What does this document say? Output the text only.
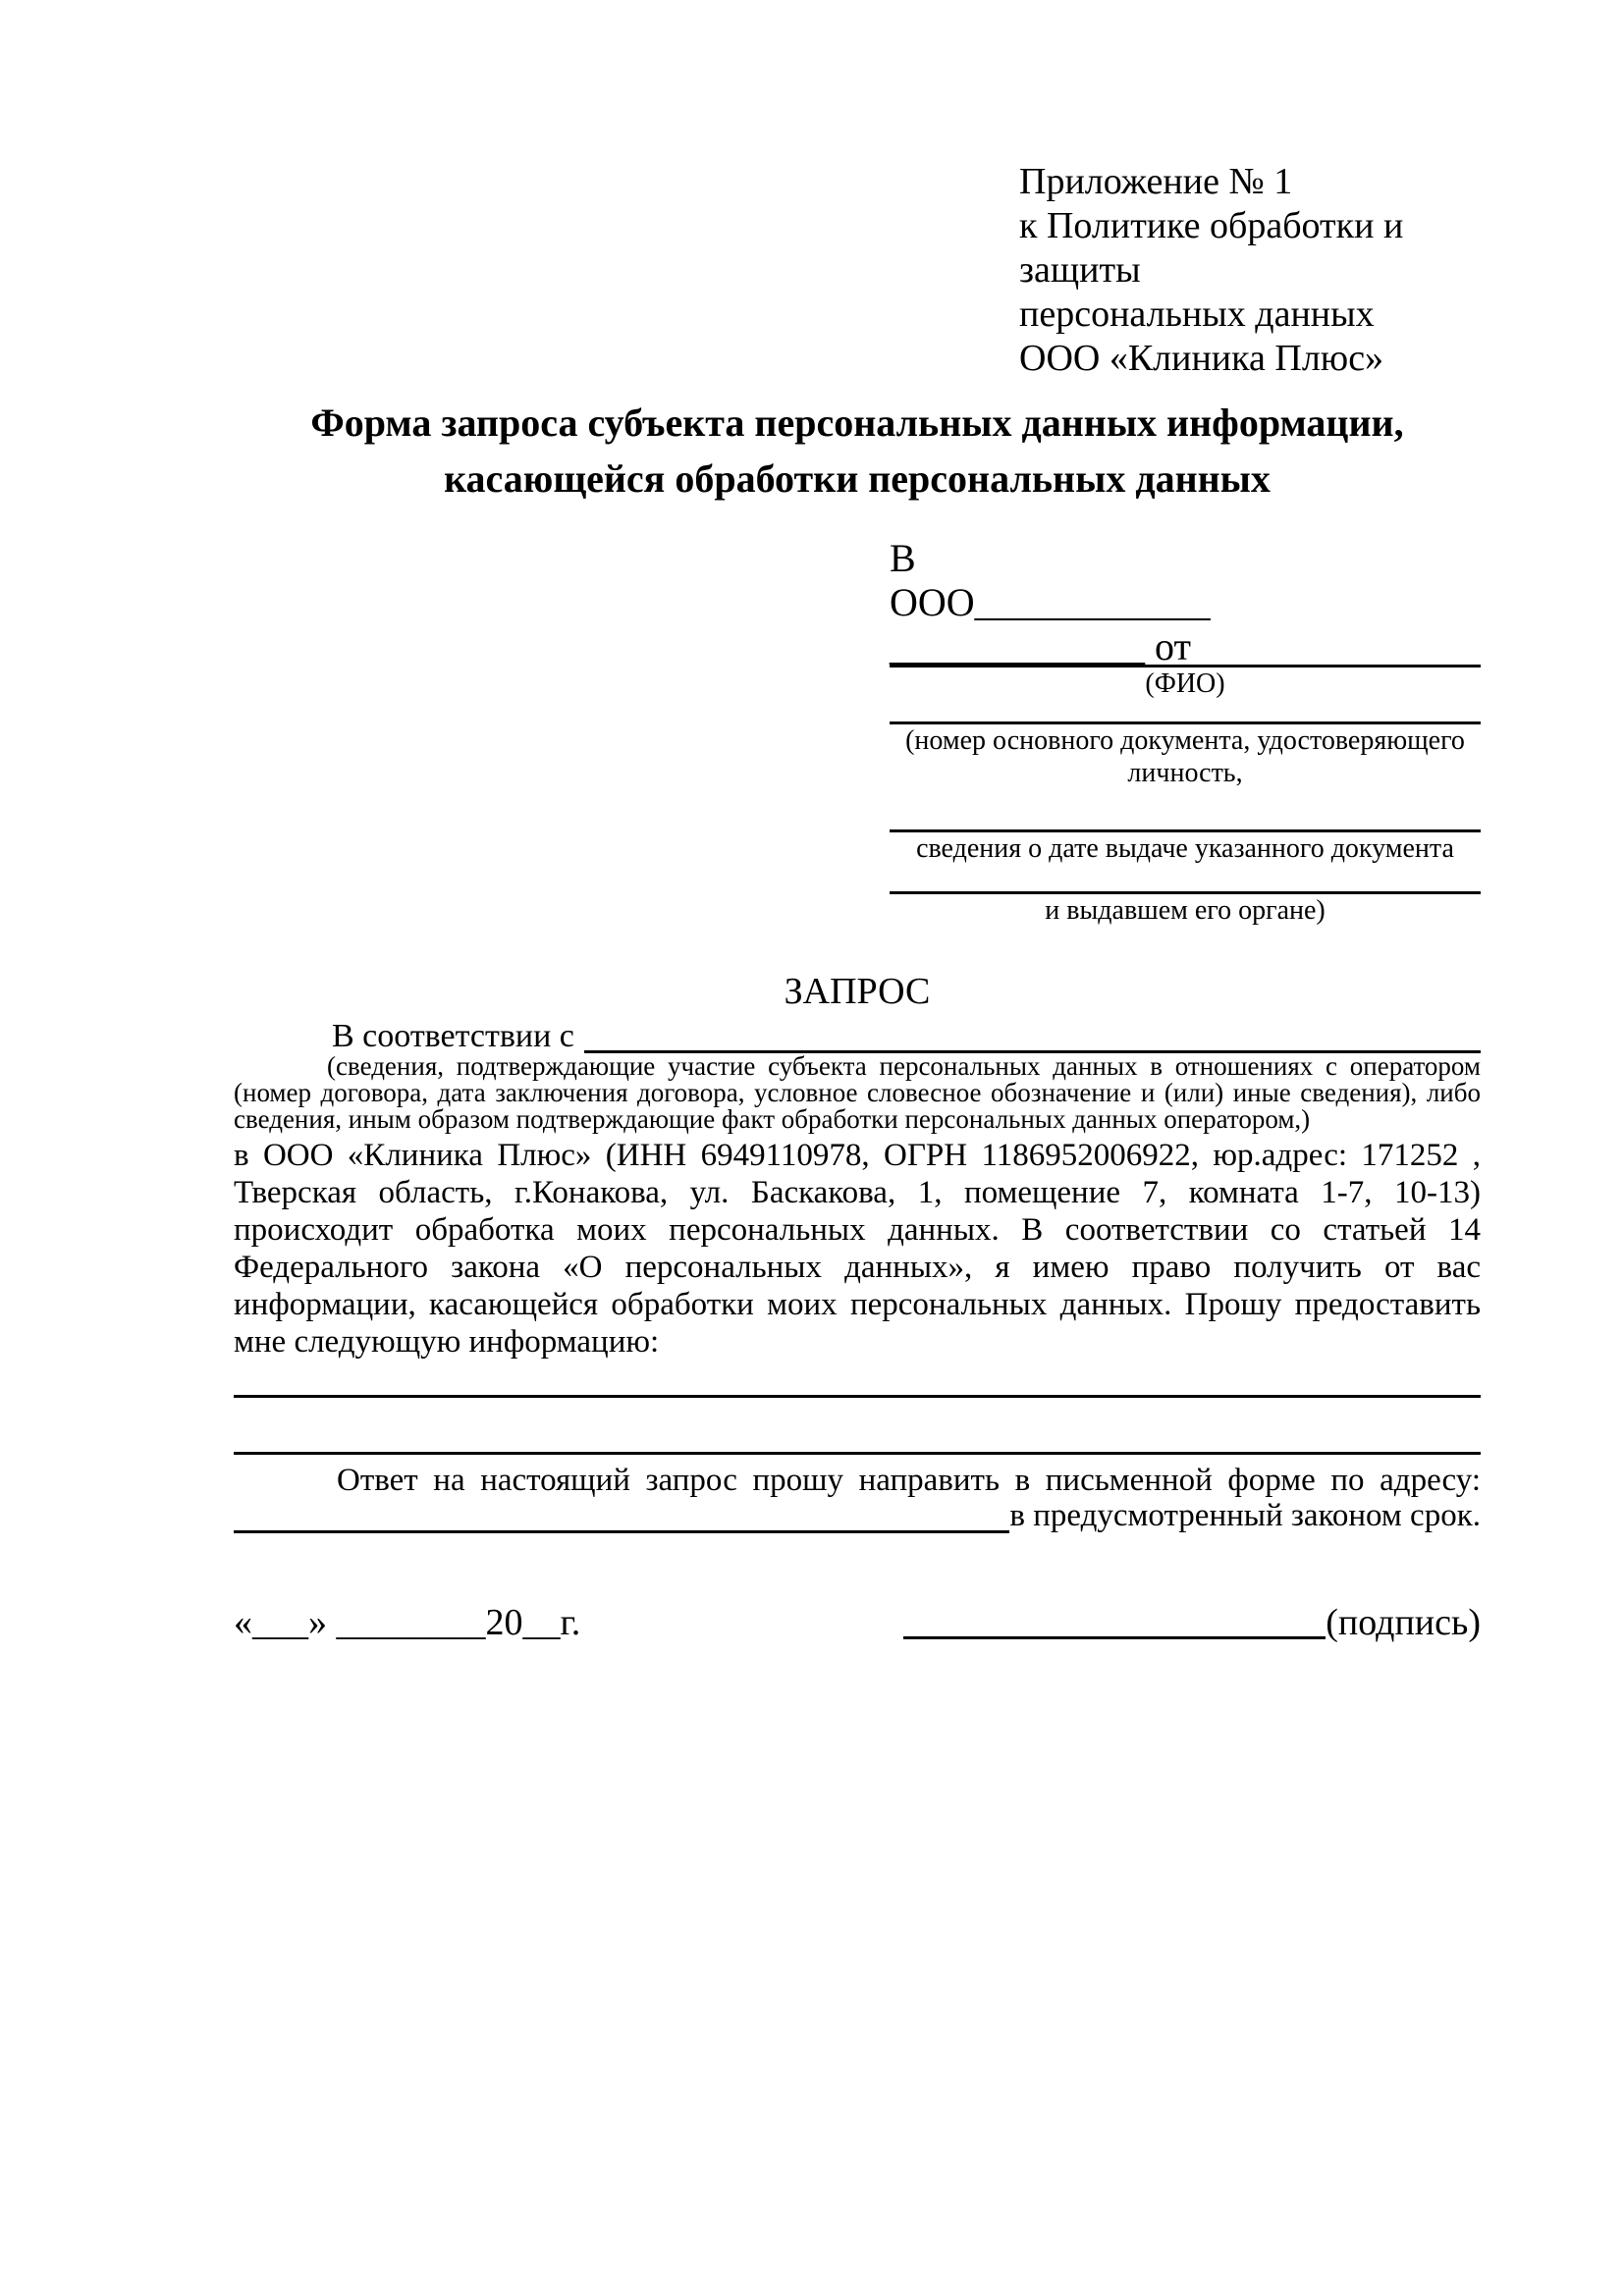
Приложение № 1
к Политике обработки и защиты
персональных данных
ООО «Клиника Плюс»
Форма запроса субъекта персональных данных информации,
касающейся обработки персональных данных
В
ООО____________
_____________ от
(ФИО)
(номер основного документа, удостоверяющего личность,
сведения о дате выдаче указанного документа
и выдавшем его органе)
ЗАПРОС
В соответствии с
(сведения, подтверждающие участие субъекта персональных данных в отношениях с оператором (номер договора, дата заключения договора, условное словесное обозначение и (или) иные сведения), либо сведения, иным образом подтверждающие факт обработки персональных данных оператором,)
в ООО «Клиника Плюс» (ИНН 6949110978, ОГРН 1186952006922, юр.адрес: 171252 , Тверская область, г.Конакова, ул. Баскакова, 1, помещение 7, комната 1-7, 10-13) происходит обработка моих персональных данных. В соответствии со статьей 14 Федерального закона «О персональных данных», я имею право получить от вас информации, касающейся обработки моих персональных данных. Прошу предоставить мне следующую информацию:
Ответ на настоящий запрос прошу направить в письменной форме по адресу:
в предусмотренный законом срок.
«___» ________20__г.	(подпись)
